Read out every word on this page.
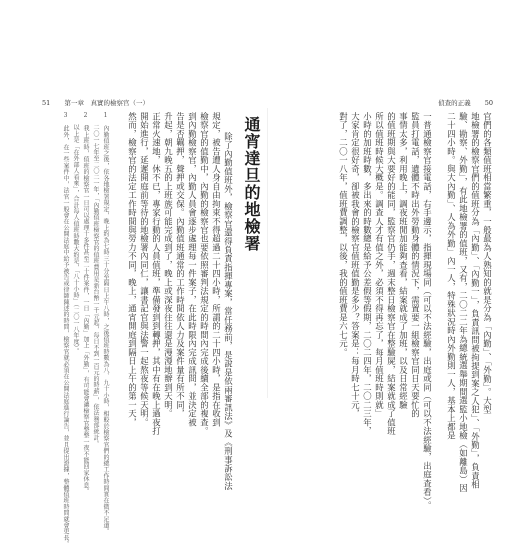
51 第一章　真實的檢察官（一）	偵查的正義 50
官們的各類值班相當繁重，一般最為人熟知的就是分為「內勤」、「外勤」。大型
地檢署的檢察官們的值班分為「內勤」、「內勤一」，負責訊問被拘提到案之人犯」、「外勤」，負責相
驗、勘察、外勤」，有此地檢署的值班，又有，二〇二二年為總統選舉期間選監小地檢（如離島）因
二十四小時。與大內勤」、人為外勤」內一人，特殊狀況時內外勤則一人，基本上都是
一普通檢察官接電話，右手邊示，指揮現場同（可以不法經驗，出庭或同（可以不法經驗，出庭查看）。
監員打電話，遺體不時出外勞動身體的情況下，需置要一組檢察官同日天要忙的
事情太多，利用晚上，調夜班閒加能夠查看，結案就成了加班，以及日常經驗
的值班期與大要好的能同，監察官仍手，週末整日檢察官在整驗屍，結案就成了值班
所以值班時候大概是。調查人才有值之外，必須不得再忘了，每月值班時則就」
小時的加班時數，多出來的時數總是給予公差假等假期，二〇二四年，二〇二三年，
大家肯定很好奇，卻被我會的檢察官值班值勤是多少？答案是：每月時七十元，
對了，二〇一八年，值班費調整，以後，我的值班費是六七元。
通宵達旦的地檢署
除了內勤值班外，檢察官還得負責指揮專案，當任務前，是說是依兩審訊法》及《刑事訴訟法
規定，被告遭人身自由拘束不得超過二十四小時，所謂的二十四小時，是指在收到
檢察官的值勤中，內勤的檢察官也要依照審判法規定的時間內完成後續全部的複查。
到內勤檢察官，內勤人員會逐步處理每一件案子，在此時限內完成訊問，並決定被
告是否羈押，聲押或交保。內勤值班通常的工作時間依人力及案件量有所不同，
升起，朝九晚五的上班族可能完成到了，晚上或深夜往往還是漫漫地辦到天明。
正常火速地，休不已，專家行動的人員值班，準備發到到轉押，其中有在晚上過夜打
開始進行，延遲開庭前等待的地檢署內同仁，讓書記官與法警一起熬夜等候天明。
然而，檢察官的法定工作時間與勞力不同，晚上，通宵開庭到隔日上午的第一天，
1　內勤值班之後，依各地檢署規定，晚上約為七時三十分至隔日上午八時，之後值班時數為八、九十小時，相較於檢察官們的總工作時間實在微不足道。
　　二〇一七年至二〇二一年，「內勤值班檢察官的值班費用是新台幣一千元起，每日不到一百元的時薪」，依法務部統計。
2　我上班時，值班的檢察官一日可以處理十多件甚至二十件案件，一日「內勤」加上「外勤」，有可能會讓檢察官整整一夜不能回家休息。
　　以上是「在外部人看來」，合計每人值班時數大約是，「八十小時」（二〇一八年度）。
3　此外，在一些案件中，法官一般會在公開法庭中給予被告或律師陳述的時間，檢察官就必須在公開法庭進行論告，並且提出證據，整體值班時間就會更長。
